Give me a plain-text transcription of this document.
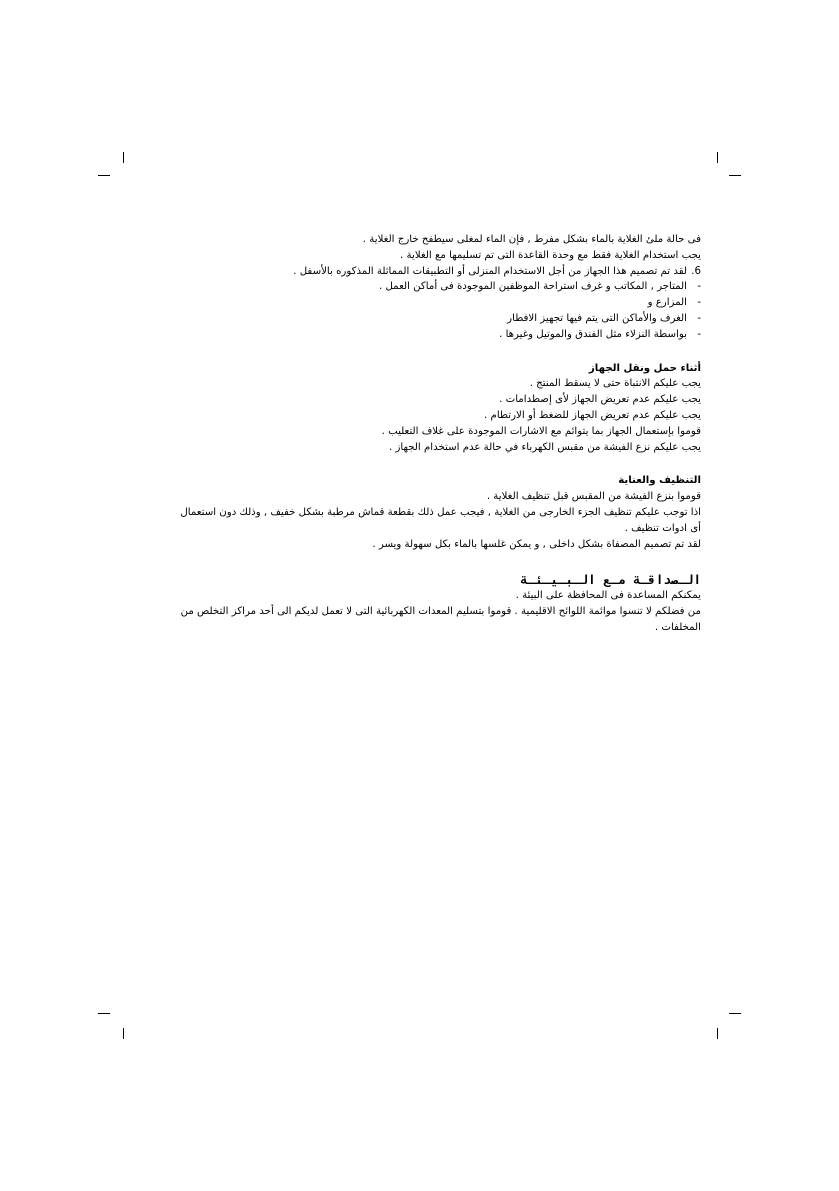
فى حالة ملئ الغلاية بالماء بشكل مفرط , فإن الماء لمغلى سيطفح خارج الغلاية .
يجب استخدام الغلاية فقط مع وحدة القاعدة التى تم تسليمها مع الغلاية .
6.
لقد تم تصميم هذا الجهاز من أجل الاستخدام المنزلى أو التطبيقات المماثلة المذكوره بالأسفل .
-
المتاجر , المكاتب و غرف استراحة الموظفين الموجودة فى أماكن العمل .
-
المزارع و
-
الغرف والأماكن التى يتم فيها تجهيز الافطار
-
بواسطة النزلاء مثل الفندق والموتيل وغيرها .
أثناء حمل ونقل الجهاز
يجب عليكم الانتباة حتى لا يسقط المنتج .
يجب عليكم عدم تعريض الجهاز لأى إصطدامات .
يجب عليكم عدم تعريض الجهاز للضغط أو الارتطام .
قوموا بإستعمال الجهاز بما يتوائم مع الاشارات الموجودة على غلاف التعليب .
يجب عليكم نزع الفيشة من مقبس الكهرباء في حالة عدم استخدام الجهاز .
التنظيف والعناية
قوموا بنزع الفيشة من المقبس قبل تنظيف الغلاية .
اذا توجب عليكم تنظيف الجزء الخارجى من الغلاية , فيجب عمل ذلك بقطعة قماش مرطبة بشكل خفيف , وذلك دون استعمال
أى ادوات تنظيف .
لقد تم تصميم المصفاة بشكل داخلى , و يمكن غلسها بالماء بكل سهولة ويسر .
الـصداقـة مـع الـبـيـئـة
يمكنكم المساعدة فى المحافظة على البيئة .
من فضلكم لا تنسوا موائمة اللوائح الاقليمية . قوموا بتسليم المعدات الكهربائية التى لا تعمل لديكم الى أحد مراكز التخلص من
المخلفات .
